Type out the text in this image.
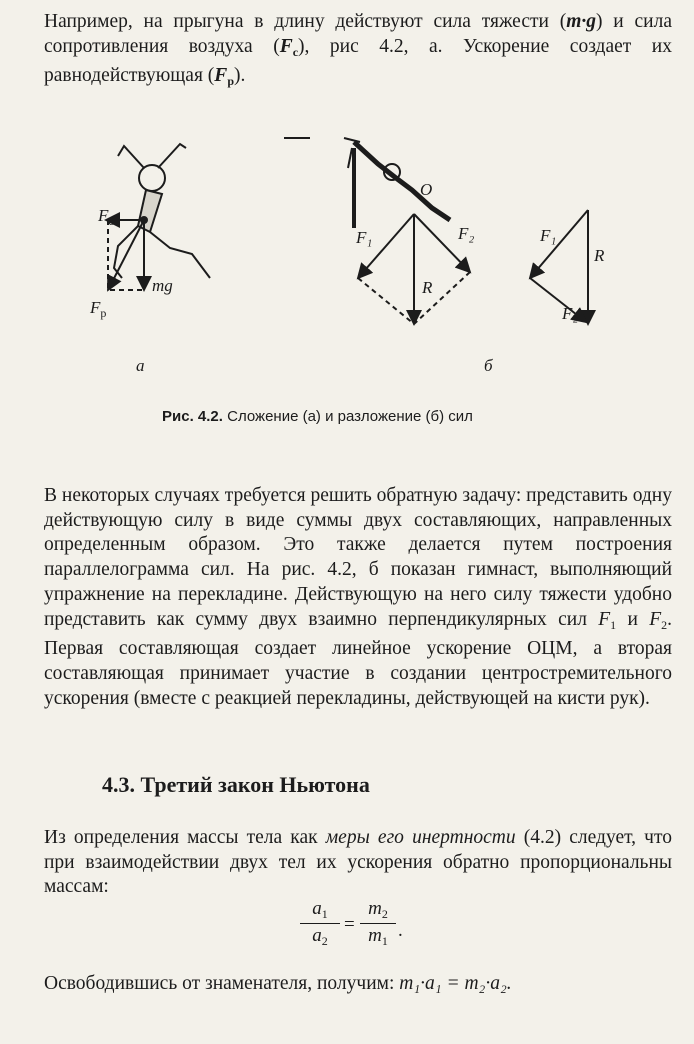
Например, на прыгуна в длину действуют сила тяжести (m·g) и сила сопротивления воздуха $(F_c)$, рис 4.2, а. Ускорение создает их равнодействующая $(F_p)$.

$F_c$
mg
$F_p$
а
F₁	F₂
O
R
F₁
R
F₂
б
Рис. 4.2. Сложение (а) и разложение (б) сил

В некоторых случаях требуется решить обратную задачу: представить одну действующую силу в виде суммы двух составляющих, направленных определенным образом. Это также делается путем построения параллелограмма сил. На рис. 4.2, б показан гимнаст, выполняющий упражнение на перекладине. Действующую на него силу тяжести удобно представить как сумму двух взаимно перпендикулярных сил $F_1$ и $F_2$. Первая составляющая создает линейное ускорение ОЦМ, а вторая составляющая принимает участие в создании центростремительного ускорения (вместе с реакцией перекладины, действующей на кисти рук).

4.3. Третий закон Ньютона

Из определения массы тела как меры его инертности (4.2) следует, что при взаимодействии двух тел их ускорения обратно пропорциональны массам:

$\frac{a_1}{a_2} = \frac{m_2}{m_1}$ .

Освободившись от знаменателя, получим: m₁·a₁ = m₂·a₂.
